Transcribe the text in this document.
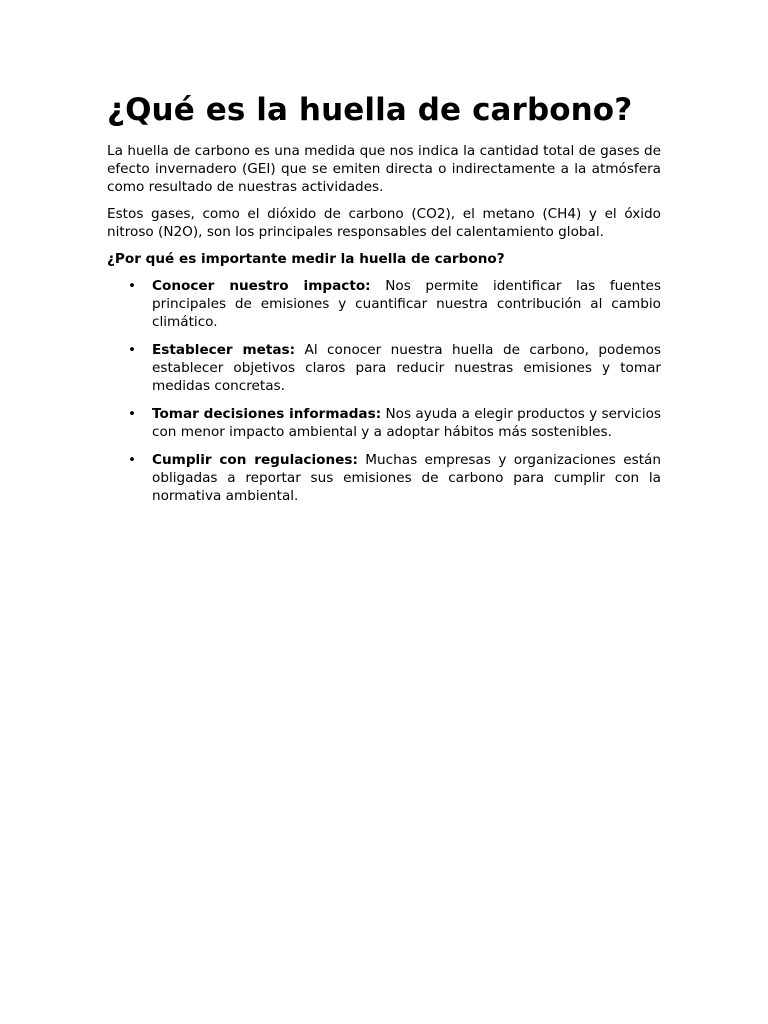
¿Qué es la huella de carbono?

La huella de carbono es una medida que nos indica la cantidad total de gases de efecto invernadero (GEI) que se emiten directa o indirectamente a la atmósfera como resultado de nuestras actividades.

Estos gases, como el dióxido de carbono (CO2), el metano (CH4) y el óxido nitroso (N2O), son los principales responsables del calentamiento global.

¿Por qué es importante medir la huella de carbono?

• Conocer nuestro impacto: Nos permite identificar las fuentes principales de emisiones y cuantificar nuestra contribución al cambio climático.
• Establecer metas: Al conocer nuestra huella de carbono, podemos establecer objetivos claros para reducir nuestras emisiones y tomar medidas concretas.
• Tomar decisiones informadas: Nos ayuda a elegir productos y servicios con menor impacto ambiental y a adoptar hábitos más sostenibles.
• Cumplir con regulaciones: Muchas empresas y organizaciones están obligadas a reportar sus emisiones de carbono para cumplir con la normativa ambiental.
